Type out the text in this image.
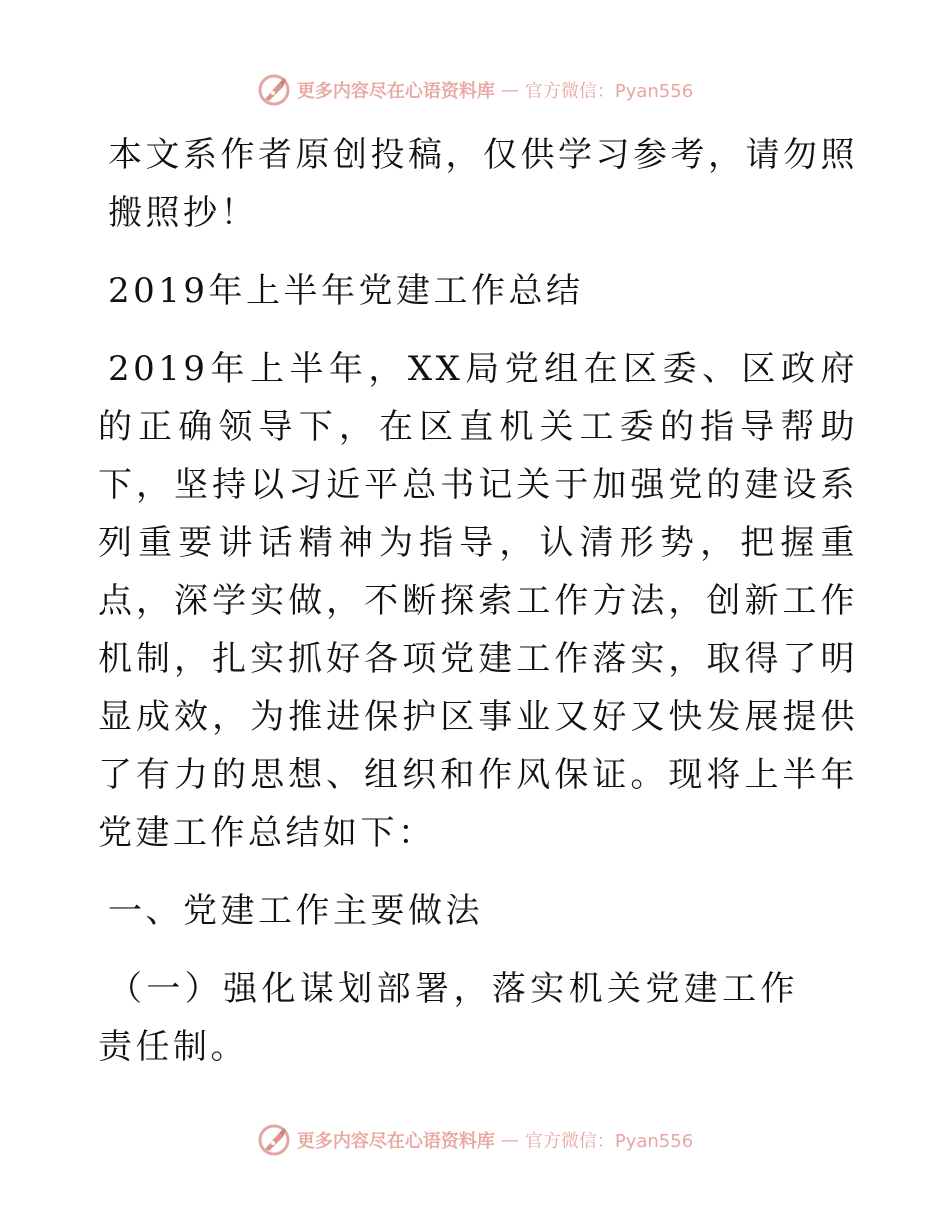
更多内容尽在心语资料库 — 官方微信：Pyan556

本文系作者原创投稿，仅供学习参考，请勿照搬照抄！

2019年上半年党建工作总结

2019年上半年，XX局党组在区委、区政府的正确领导下，在区直机关工委的指导帮助下，坚持以习近平总书记关于加强党的建设系列重要讲话精神为指导，认清形势，把握重点，深学实做，不断探索工作方法，创新工作机制，扎实抓好各项党建工作落实，取得了明显成效，为推进保护区事业又好又快发展提供了有力的思想、组织和作风保证。现将上半年党建工作总结如下：

一、党建工作主要做法

（一）强化谋划部署，落实机关党建工作责任制。

更多内容尽在心语资料库 — 官方微信：Pyan556
